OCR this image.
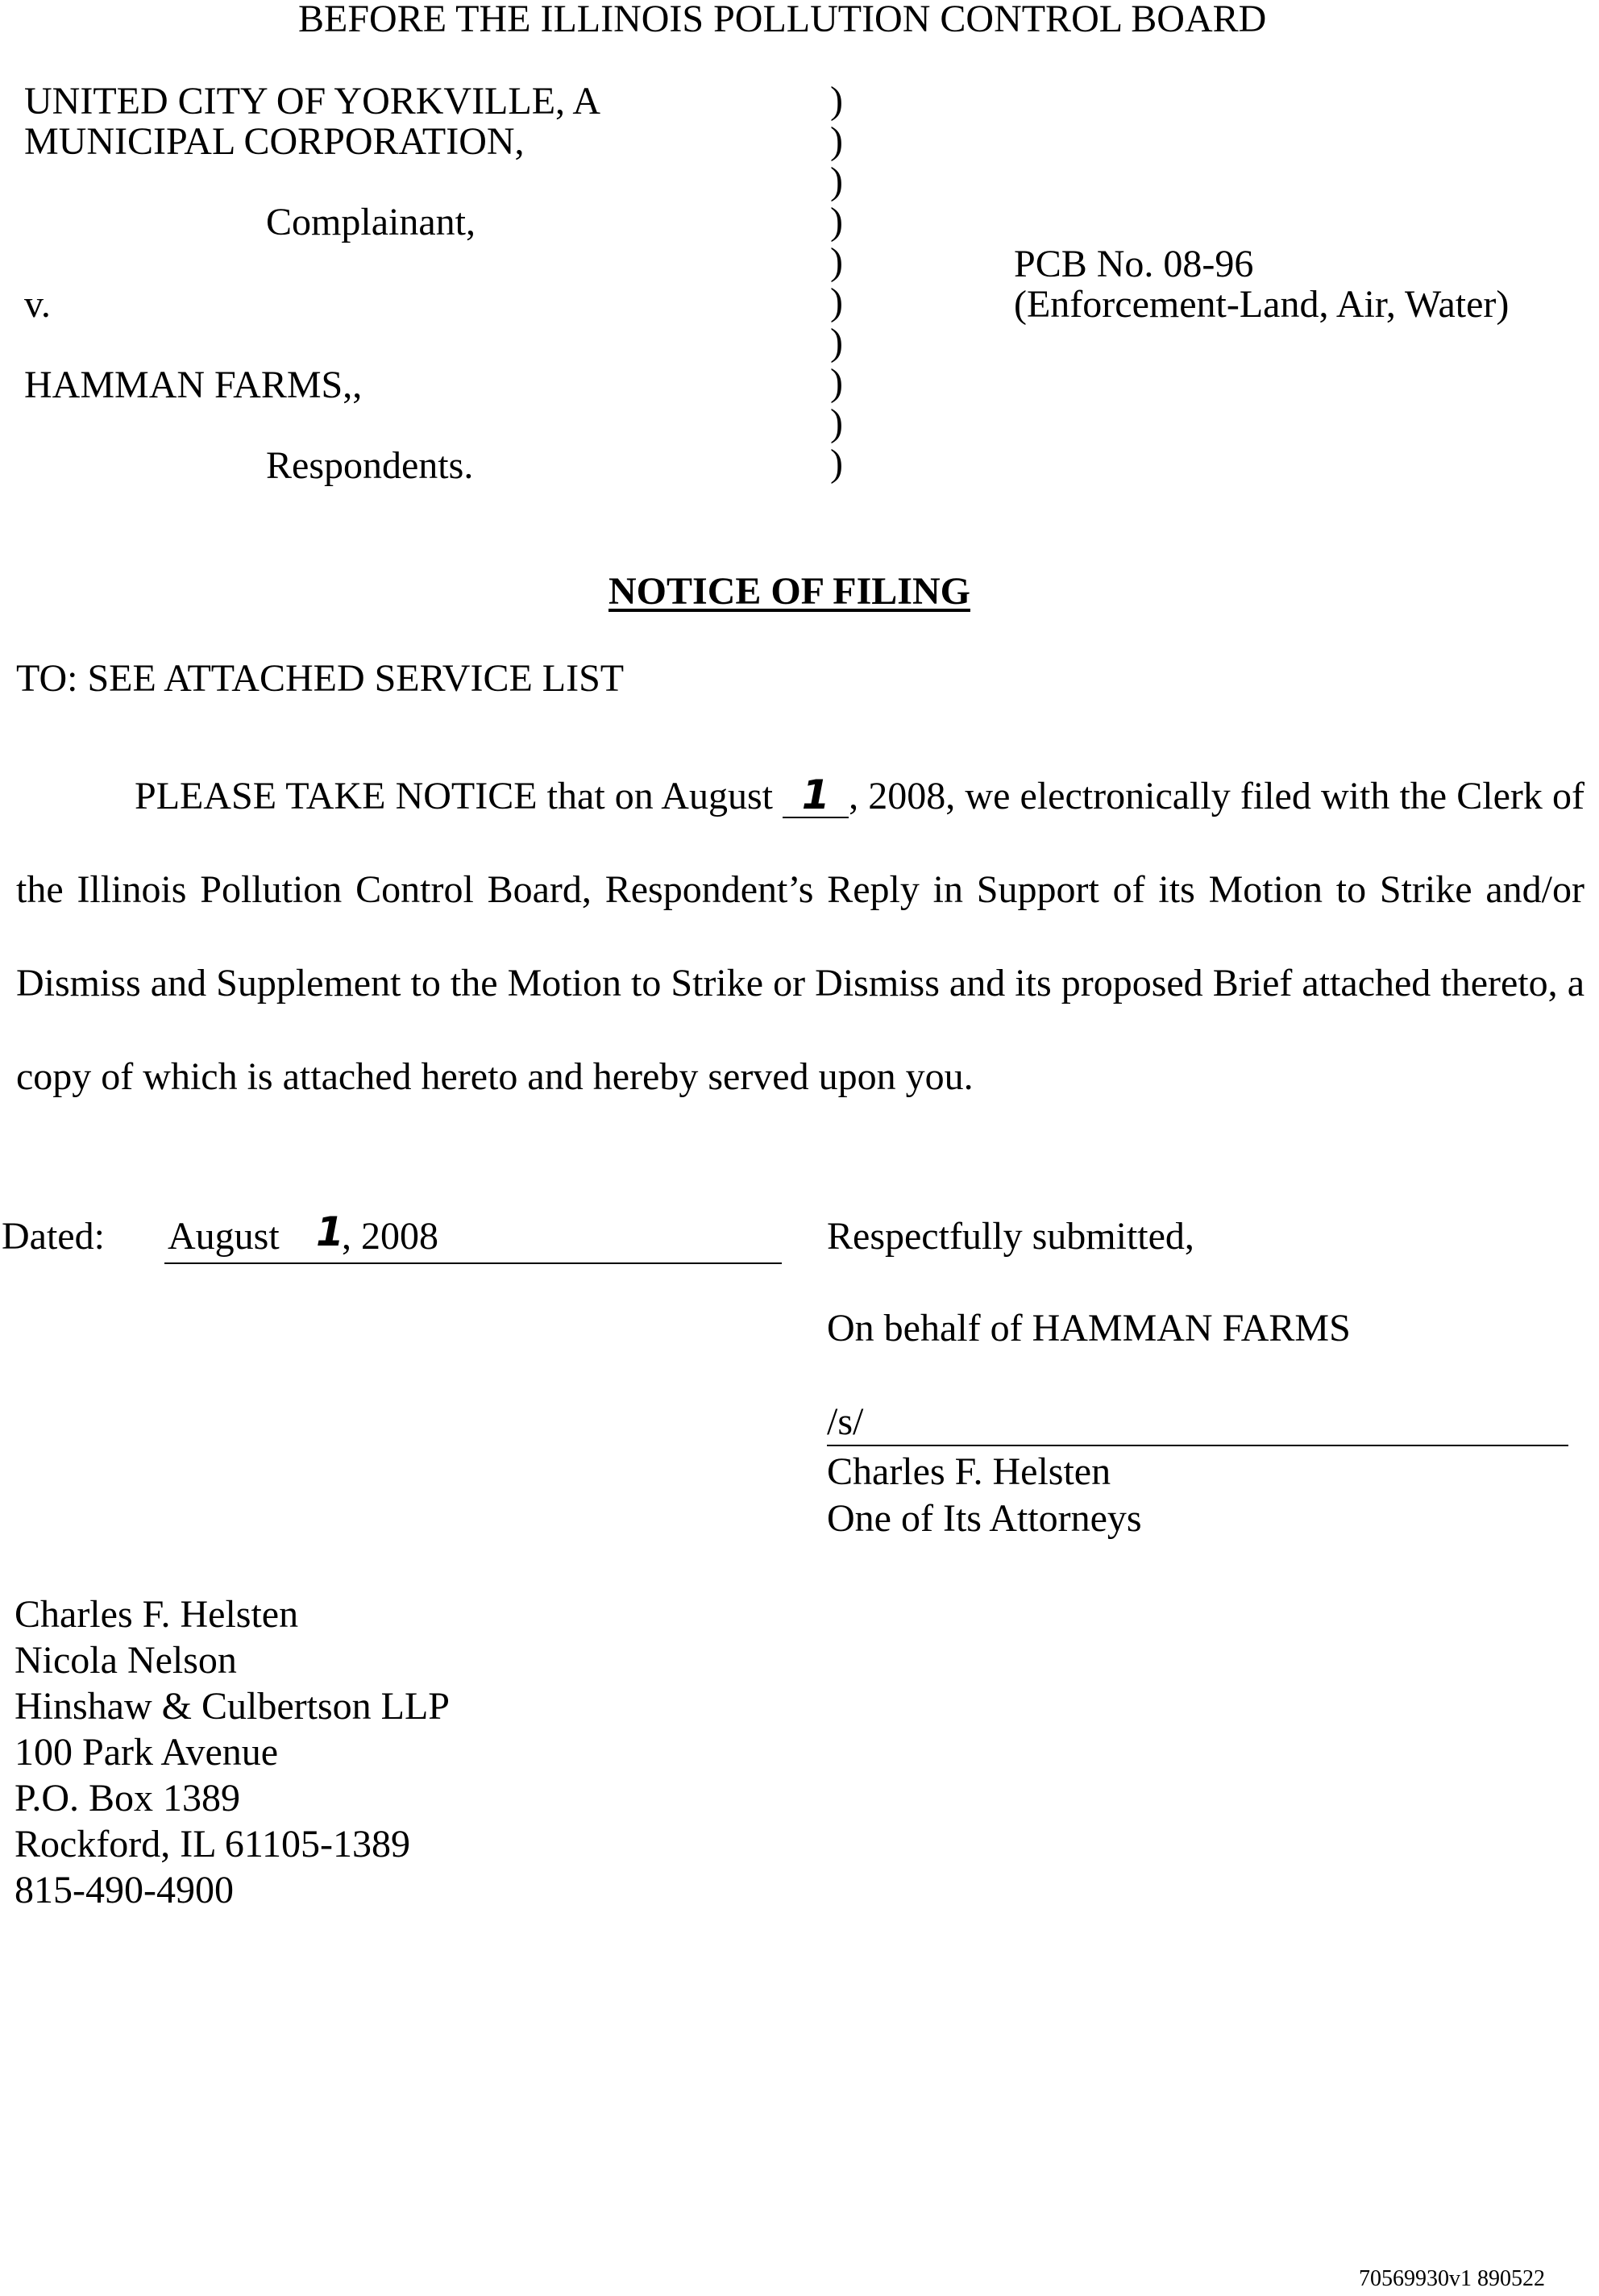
BEFORE THE ILLINOIS POLLUTION CONTROL BOARD
UNITED CITY OF YORKVILLE, A
MUNICIPAL CORPORATION,
Complainant,
v.
HAMMAN FARMS,,
Respondents.
)
)
)
)
)
)
)
)
)
)
PCB No. 08-96
(Enforcement-Land, Air, Water)
NOTICE OF FILING
TO: SEE ATTACHED SERVICE LIST
PLEASE TAKE NOTICE that on August 1 , 2008, we electronically filed with the Clerk of the Illinois Pollution Control Board, Respondent’s Reply in Support of its Motion to Strike and/or Dismiss and Supplement to the Motion to Strike or Dismiss and its proposed Brief attached thereto, a copy of which is attached hereto and hereby served upon you.
Dated: August 1
, 2008	Respectfully submitted,
On behalf of HAMMAN FARMS
/s/
Charles F. Helsten
One of Its Attorneys
Charles F. Helsten
Nicola Nelson
Hinshaw & Culbertson LLP
100 Park Avenue
P.O. Box 1389
Rockford, IL 61105-1389
815-490-4900
70569930v1 890522
